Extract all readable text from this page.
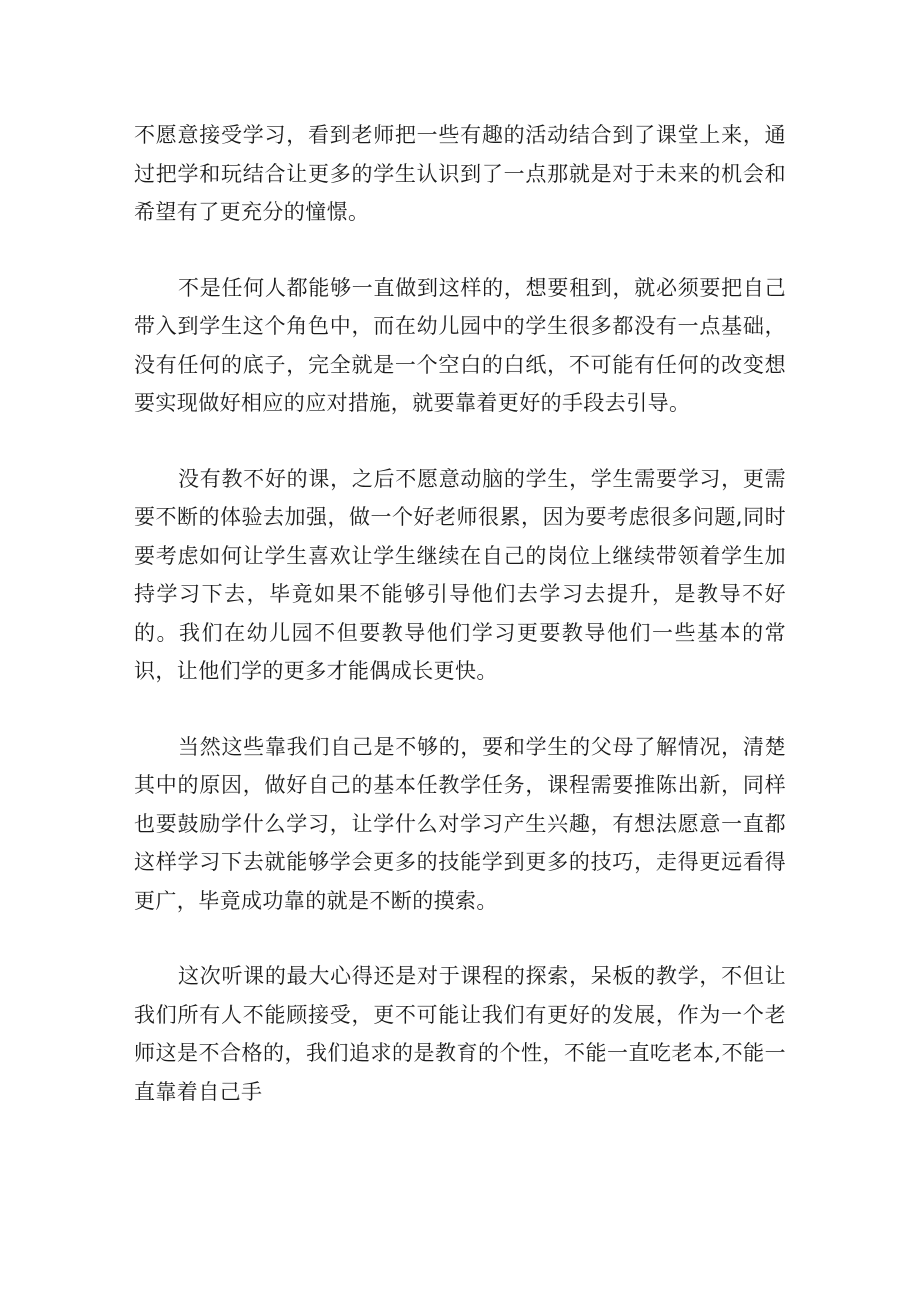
不愿意接受学习，看到老师把一些有趣的活动结合到了课堂上来，通过把学和玩结合让更多的学生认识到了一点那就是对于未来的机会和希望有了更充分的憧憬。

不是任何人都能够一直做到这样的，想要租到，就必须要把自己带入到学生这个角色中，而在幼儿园中的学生很多都没有一点基础，没有任何的底子，完全就是一个空白的白纸，不可能有任何的改变想要实现做好相应的应对措施，就要靠着更好的手段去引导。

没有教不好的课，之后不愿意动脑的学生，学生需要学习，更需要不断的体验去加强，做一个好老师很累，因为要考虑很多问题,同时要考虑如何让学生喜欢让学生继续在自己的岗位上继续带领着学生加持学习下去，毕竟如果不能够引导他们去学习去提升，是教导不好的。我们在幼儿园不但要教导他们学习更要教导他们一些基本的常识，让他们学的更多才能偶成长更快。

当然这些靠我们自己是不够的，要和学生的父母了解情况，清楚其中的原因，做好自己的基本任教学任务，课程需要推陈出新，同样也要鼓励学什么学习，让学什么对学习产生兴趣，有想法愿意一直都这样学习下去就能够学会更多的技能学到更多的技巧，走得更远看得更广，毕竟成功靠的就是不断的摸索。

这次听课的最大心得还是对于课程的探索，呆板的教学，不但让我们所有人不能顾接受，更不可能让我们有更好的发展，作为一个老师这是不合格的，我们追求的是教育的个性，不能一直吃老本,不能一直靠着自己手
